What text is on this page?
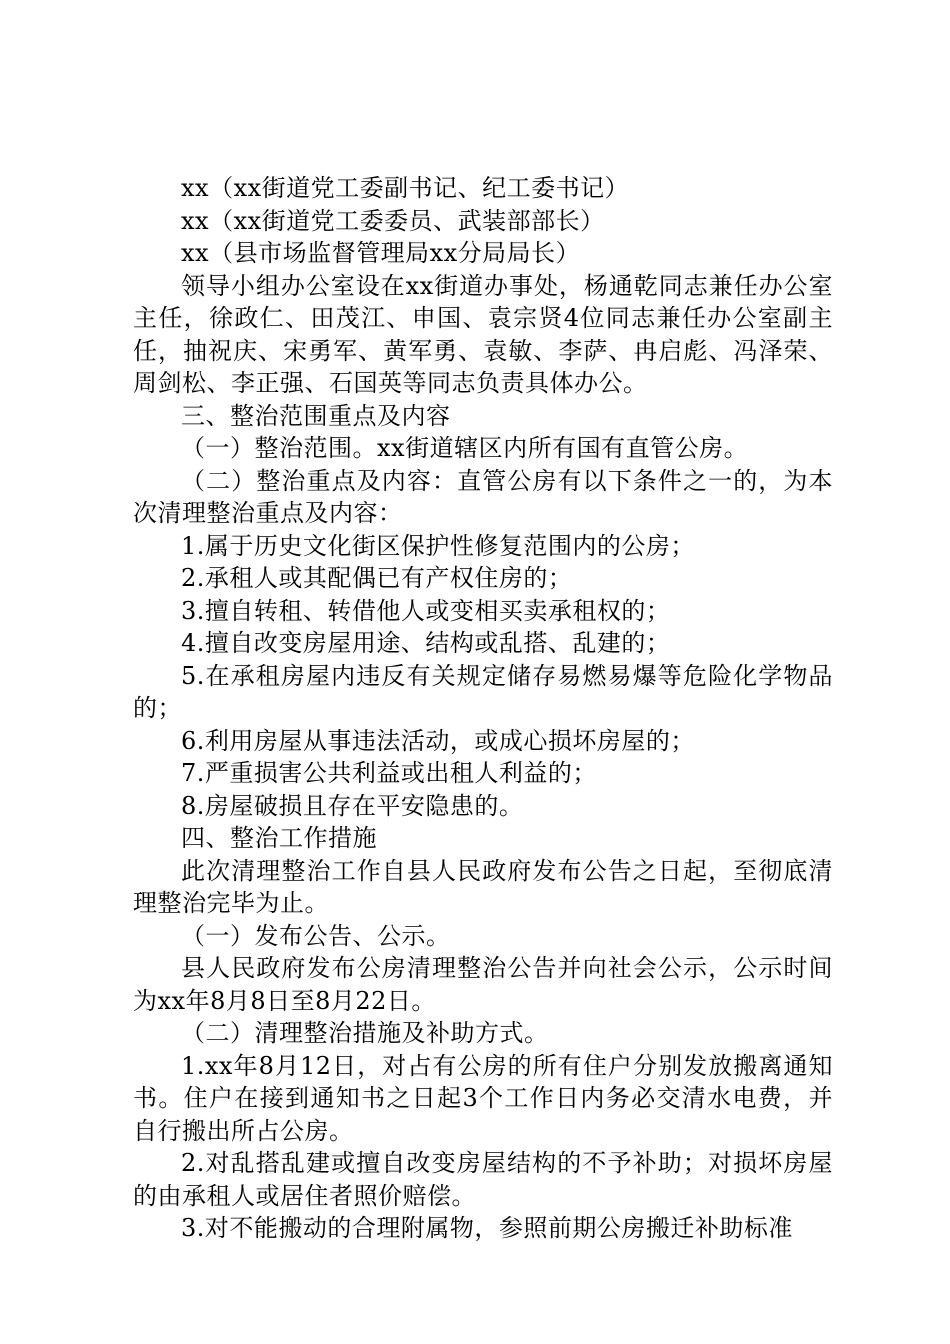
xx（xx街道党工委副书记、纪工委书记）

xx（xx街道党工委委员、武装部部长）

xx（县市场监督管理局xx分局局长）

领导小组办公室设在xx街道办事处，杨通乾同志兼任办公室主任，徐政仁、田茂江、申国、袁宗贤4位同志兼任办公室副主任，抽祝庆、宋勇军、黄军勇、袁敏、李萨、冉启彪、冯泽荣、周剑松、李正强、石国英等同志负责具体办公。

三、整治范围重点及内容

（一）整治范围。xx街道辖区内所有国有直管公房。

（二）整治重点及内容：直管公房有以下条件之一的，为本次清理整治重点及内容：

1.属于历史文化街区保护性修复范围内的公房；

2.承租人或其配偶已有产权住房的；

3.擅自转租、转借他人或变相买卖承租权的；

4.擅自改变房屋用途、结构或乱搭、乱建的；

5.在承租房屋内违反有关规定储存易燃易爆等危险化学物品的；

6.利用房屋从事违法活动，或成心损坏房屋的；

7.严重损害公共利益或出租人利益的；

8.房屋破损且存在平安隐患的。

四、整治工作措施

此次清理整治工作自县人民政府发布公告之日起，至彻底清理整治完毕为止。

（一）发布公告、公示。

县人民政府发布公房清理整治公告并向社会公示，公示时间为xx年8月8日至8月22日。

（二）清理整治措施及补助方式。

1.xx年8月12日，对占有公房的所有住户分别发放搬离通知书。住户在接到通知书之日起3个工作日内务必交清水电费，并自行搬出所占公房。

2.对乱搭乱建或擅自改变房屋结构的不予补助；对损坏房屋的由承租人或居住者照价赔偿。

3.对不能搬动的合理附属物，参照前期公房搬迁补助标准
